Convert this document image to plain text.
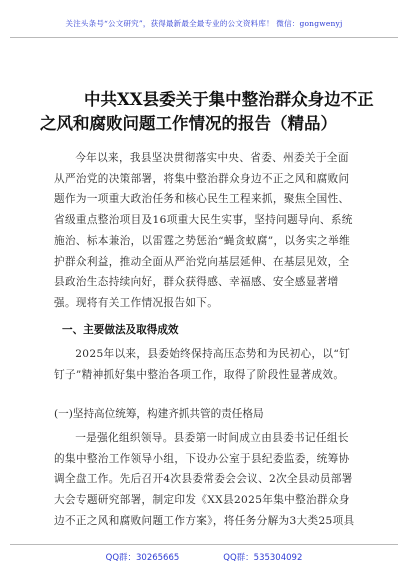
关注头条号“公文研究”，获得最新最全最专业的公文资料库！ 微信：gongwenyj
中共XX县委关于集中整治群众身边不正
之风和腐败问题工作情况的报告（精品）

今年以来，我县坚决贯彻落实中央、省委、州委关于全面从严治党的决策部署，将集中整治群众身边不正之风和腐败问题作为一项重大政治任务和核心民生工程来抓，聚焦全国性、省级重点整治项目及16项重大民生实事，坚持问题导向、系统施治、标本兼治，以雷霆之势惩治“蝇贪蚁腐”，以务实之举维护群众利益，推动全面从严治党向基层延伸、在基层见效，全县政治生态持续向好，群众获得感、幸福感、安全感显著增强。现将有关工作情况报告如下。

一、主要做法及取得成效

2025年以来，县委始终保持高压态势和为民初心，以“钉钉子”精神抓好集中整治各项工作，取得了阶段性显著成效。

(一)坚持高位统筹，构建齐抓共管的责任格局

一是强化组织领导。县委第一时间成立由县委书记任组长的集中整治工作领导小组，下设办公室于县纪委监委，统筹协调全盘工作。先后召开4次县委常委会会议、2次全县动员部署大会专题研究部署，制定印发《XX县2025年集中整治群众身边不正之风和腐败问题工作方案》，将任务分解为3大类25项具

QQ群：30265665	QQ群：535304092
